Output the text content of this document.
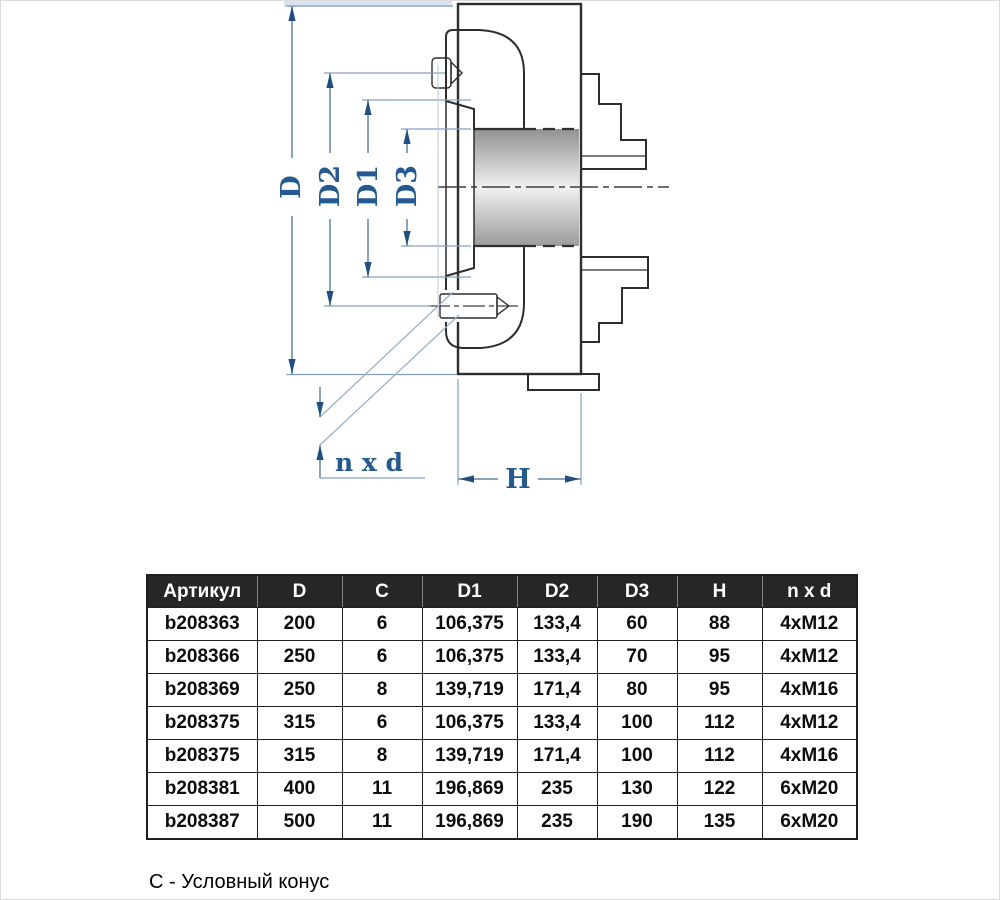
D D2 D1 D3
n x d
H
Артикул	D	C	D1	D2	D3	H	n x d
b208363	200	6	106,375	133,4	60	88	4xM12
b208366	250	6	106,375	133,4	70	95	4xM12
b208369	250	8	139,719	171,4	80	95	4xM16
b208375	315	6	106,375	133,4	100	112	4xM12
b208375	315	8	139,719	171,4	100	112	4xM16
b208381	400	11	196,869	235	130	122	6xM20
b208387	500	11	196,869	235	190	135	6xM20
С - Условный конус
